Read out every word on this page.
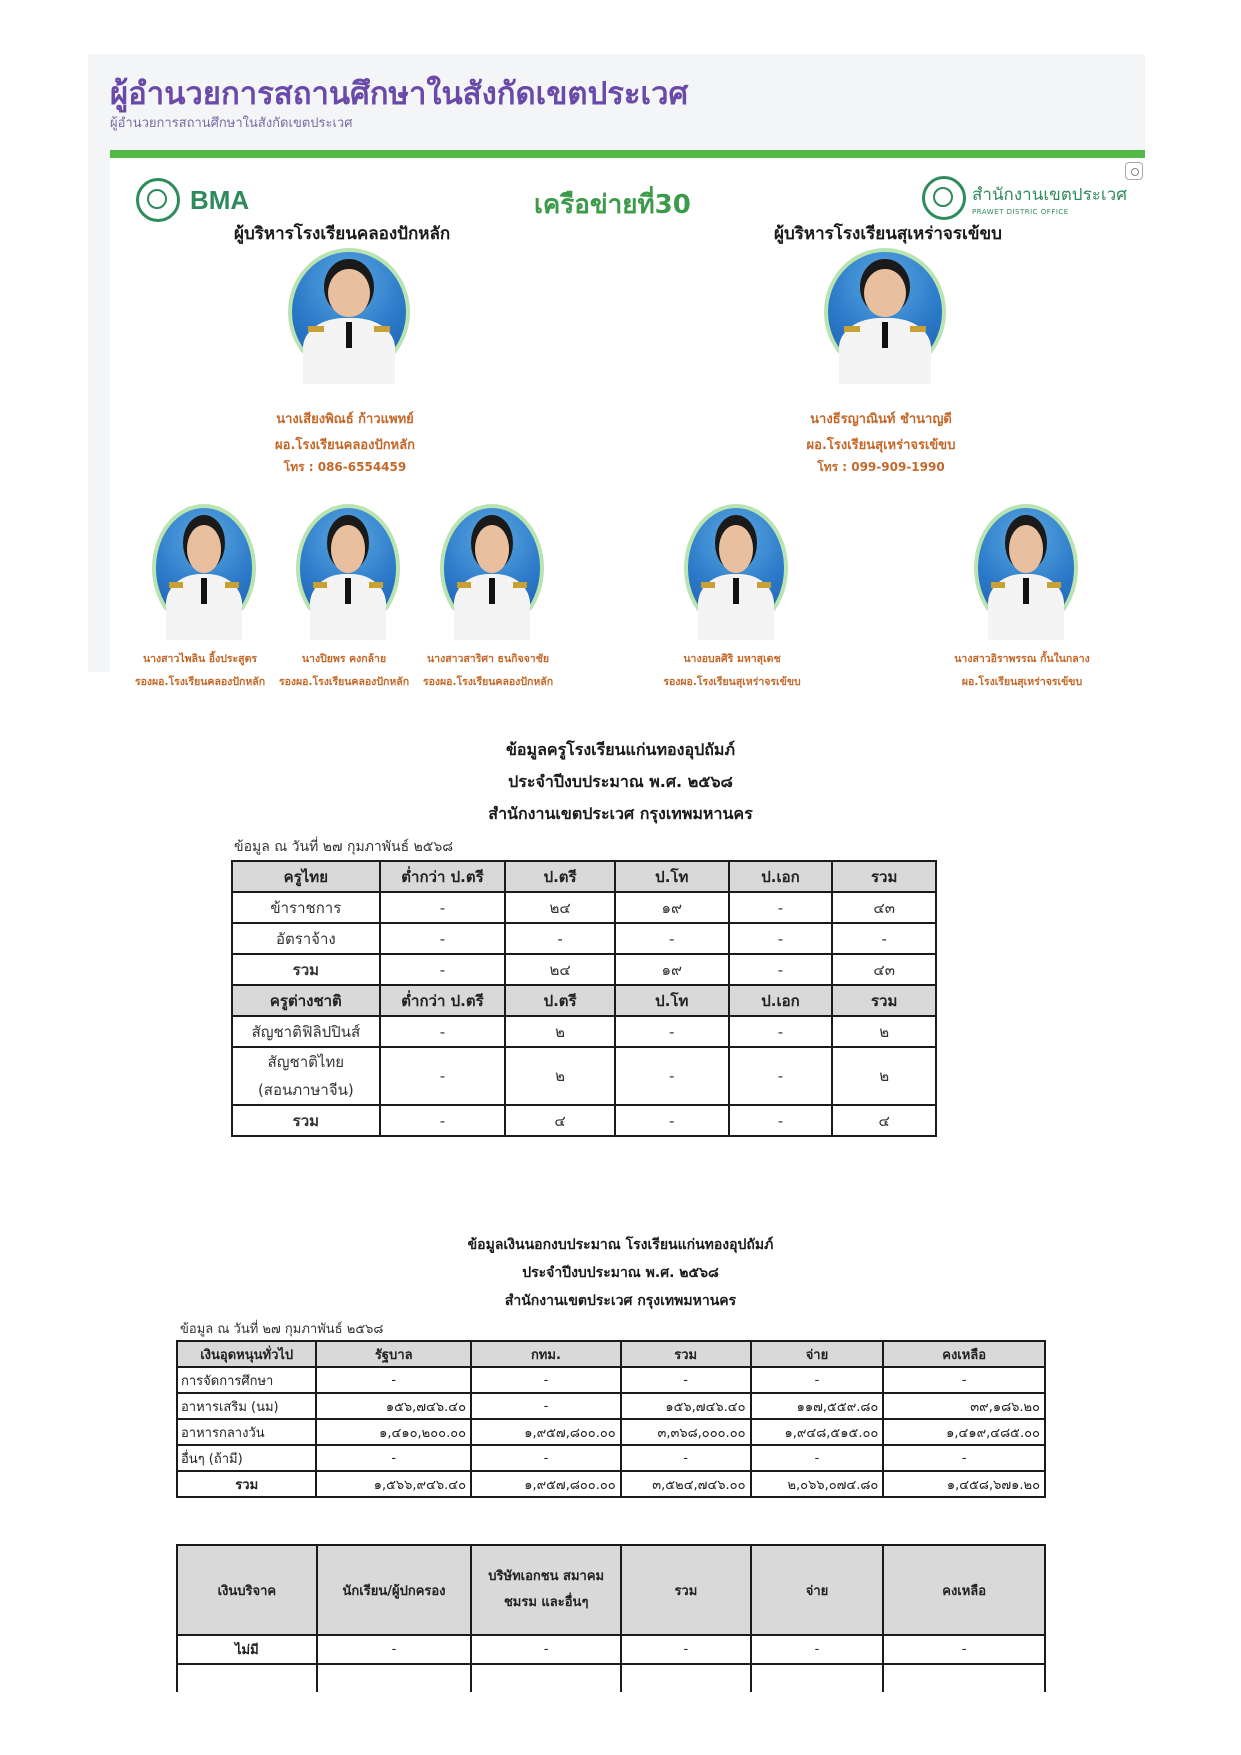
ผู้อำนวยการสถานศึกษาในสังกัดเขตประเวศ
ผู้อำนวยการสถานศึกษาในสังกัดเขตประเวศ
BMA	เครือข่ายที่30	สำนักงานเขตประเวศ
PRAWET DISTRIC OFFICE
ผู้บริหารโรงเรียนคลองปักหลัก	ผู้บริหารโรงเรียนสุเหร่าจรเข้ขบ
นางเสียงพิณธ์ ก้าวแพทย์
ผอ.โรงเรียนคลองปักหลัก
โทร : 086-6554459
นางธีรญาณินท์ ชำนาญดี
ผอ.โรงเรียนสุเหร่าจรเข้ขบ
โทร : 099-909-1990
นางสาวไพลิน อิ้งประสูตร
รองผอ.โรงเรียนคลองปักหลัก
นางปิยพร คงกล้าย
รองผอ.โรงเรียนคลองปักหลัก
นางสาวสาริศา ธนกิจจาชัย
รองผอ.โรงเรียนคลองปักหลัก
นางอบลศิริ มหาสุเดช
รองผอ.โรงเรียนสุเหร่าจรเข้ขบ
นางสาวอิราพรรณ กั้นในกลาง
ผอ.โรงเรียนสุเหร่าจรเข้ขบ
ข้อมูลครูโรงเรียนแก่นทองอุปถัมภ์
ประจำปีงบประมาณ พ.ศ. ๒๕๖๘
สำนักงานเขตประเวศ กรุงเทพมหานคร
ข้อมูล ณ วันที่ ๒๗ กุมภาพันธ์ ๒๕๖๘
ครูไทย	ต่ำกว่า ป.ตรี	ป.ตรี	ป.โท	ป.เอก	รวม
ข้าราชการ	-	๒๔	๑๙	-	๔๓
อัตราจ้าง	-	-	-	-	-
รวม	-	๒๔	๑๙	-	๔๓
ครูต่างชาติ	ต่ำกว่า ป.ตรี	ป.ตรี	ป.โท	ป.เอก	รวม
สัญชาติฟิลิปปินส์	-	๒	-	-	๒
สัญชาติไทย
(สอนภาษาจีน)	-	๒	-	-	๒
รวม	-	๔	-	-	๔
ข้อมูลเงินนอกงบประมาณ โรงเรียนแก่นทองอุปถัมภ์
ประจำปีงบประมาณ พ.ศ. ๒๕๖๘
สำนักงานเขตประเวศ กรุงเทพมหานคร
ข้อมูล ณ วันที่ ๒๗ กุมภาพันธ์ ๒๕๖๘
เงินอุดหนุนทั่วไป	รัฐบาล	กทม.	รวม	จ่าย	คงเหลือ
การจัดการศึกษา	-	-	-	-	-
อาหารเสริม (นม)	๑๕๖,๗๔๖.๔๐	-	๑๕๖,๗๔๖.๔๐	๑๑๗,๕๕๙.๘๐	๓๙,๑๘๖.๒๐
อาหารกลางวัน	๑,๔๑๐,๒๐๐.๐๐	๑,๙๕๗,๘๐๐.๐๐	๓,๓๖๘,๐๐๐.๐๐	๑,๙๔๘,๕๑๕.๐๐	๑,๔๑๙,๔๘๕.๐๐
อื่นๆ (ถ้ามี)	-	-	-	-	-
รวม	๑,๕๖๖,๙๔๖.๔๐	๑,๙๕๗,๘๐๐.๐๐	๓,๕๒๔,๗๔๖.๐๐	๒,๐๖๖,๐๗๔.๘๐	๑,๔๕๘,๖๗๑.๒๐
เงินบริจาค	นักเรียน/ผู้ปกครอง	บริษัทเอกชน สมาคม
ชมรม และอื่นๆ	รวม	จ่าย	คงเหลือ
ไม่มี	-	-	-	-	-
